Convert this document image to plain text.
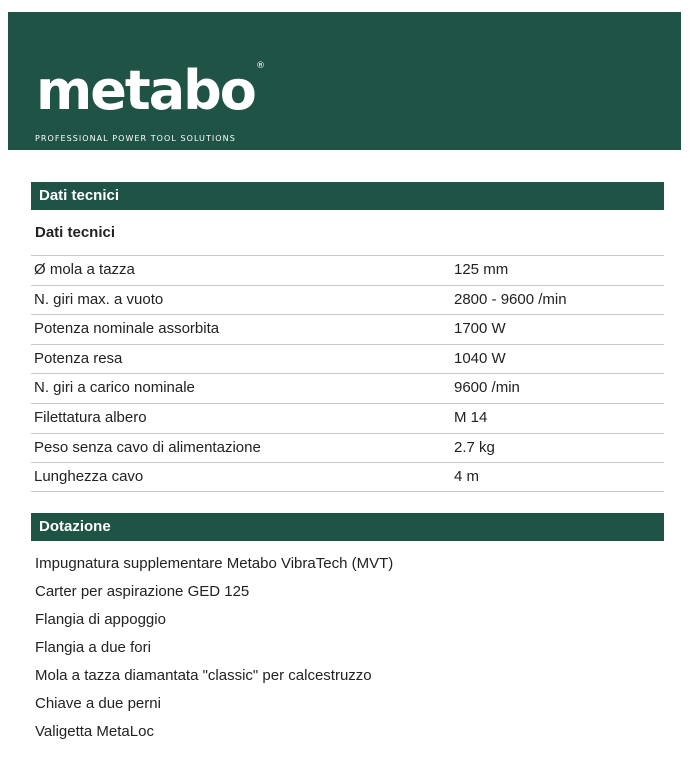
metabo ®
PROFESSIONAL POWER TOOL SOLUTIONS
Dati tecnici
Dati tecnici
Ø mola a tazza	125 mm
N. giri max. a vuoto	2800 - 9600 /min
Potenza nominale assorbita	1700 W
Potenza resa	1040 W
N. giri a carico nominale	9600 /min
Filettatura albero	M 14
Peso senza cavo di alimentazione	2.7 kg
Lunghezza cavo	4 m
Dotazione
Impugnatura supplementare Metabo VibraTech (MVT)
Carter per aspirazione GED 125
Flangia di appoggio
Flangia a due fori
Mola a tazza diamantata "classic" per calcestruzzo
Chiave a due perni
Valigetta MetaLoc
